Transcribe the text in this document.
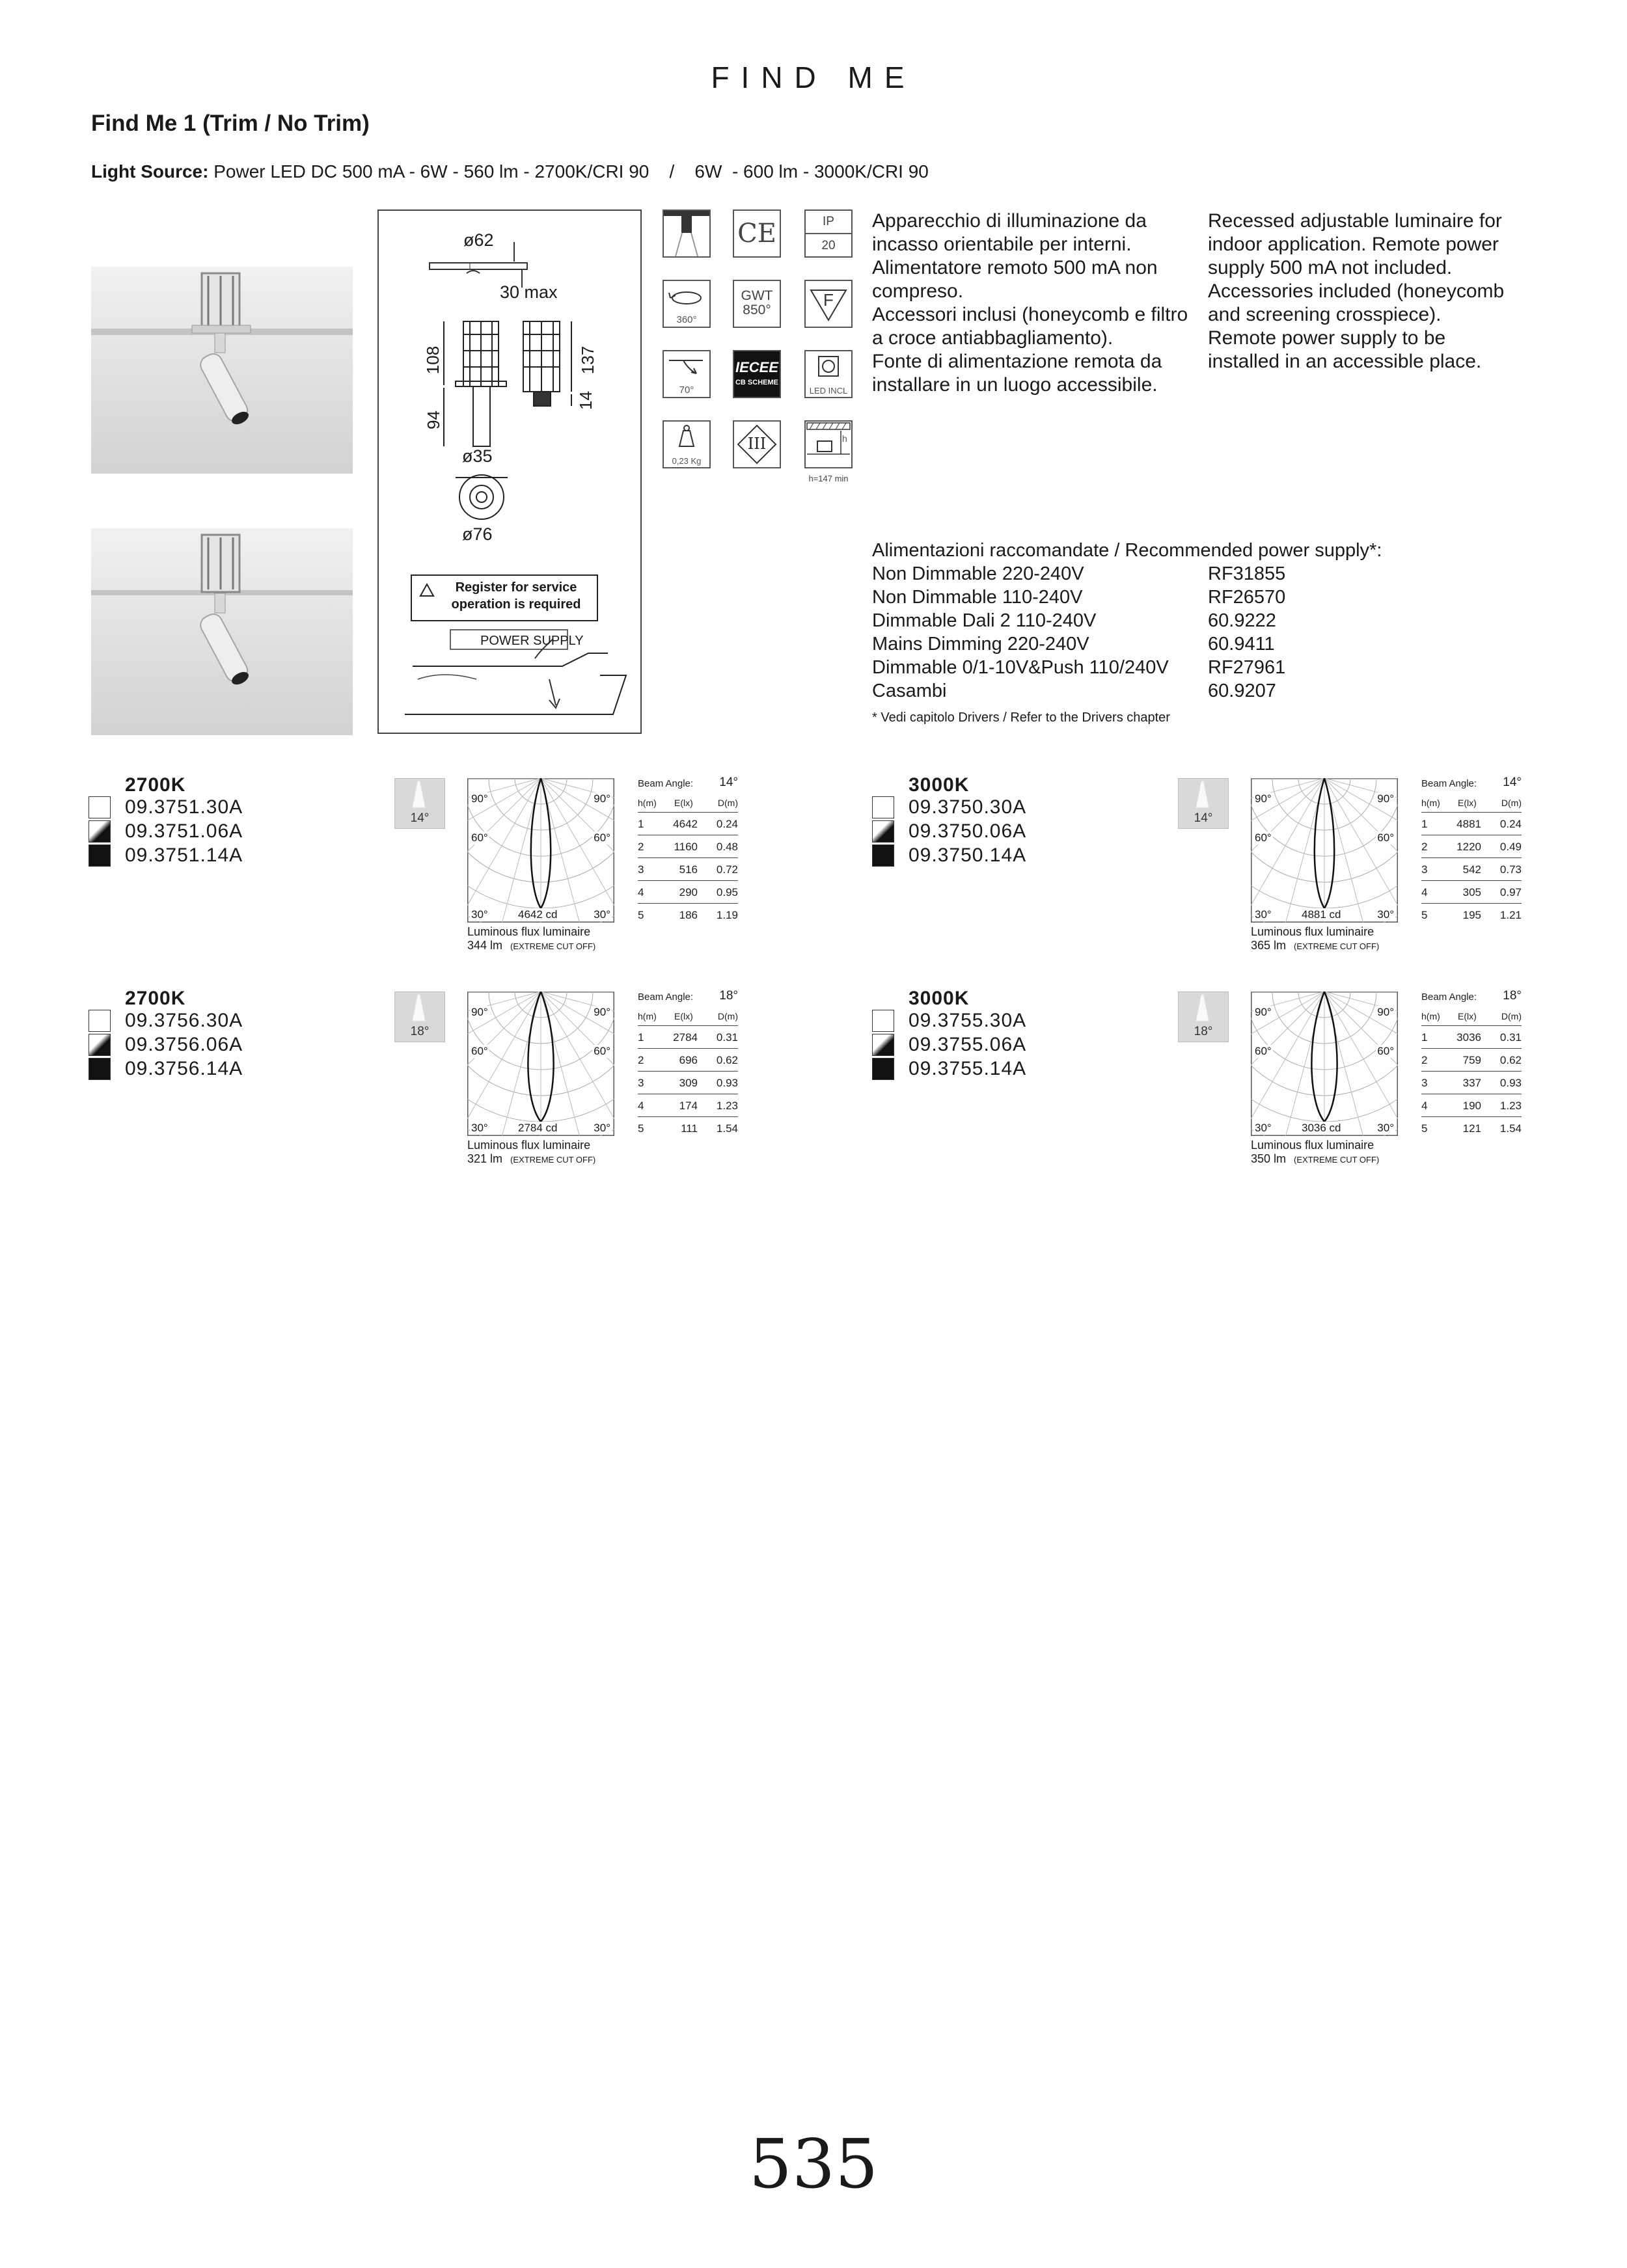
FIND ME
Find Me 1 (Trim / No Trim)
Light Source: Power LED DC 500 mA - 6W - 560 lm - 2700K/CRI 90    /    6W  - 600 lm - 3000K/CRI 90
ø62
30 max
108
94
137
14
ø35
ø76
Register for service
operation is required
POWER SUPPLY
CE	IP
20
360°
GWT
850°
F
70°
IECEE
CB SCHEME
LED INCL
0,23 Kg
III	h
h=147 min
Apparecchio di illuminazione da
incasso orientabile per interni.
Alimentatore remoto 500 mA non
compreso.
Accessori inclusi (honeycomb e filtro
a croce antiabbagliamento).
Fonte di alimentazione remota da
installare in un luogo accessibile.
Recessed adjustable luminaire for
indoor application. Remote power
supply 500 mA not included.
Accessories included (honeycomb
and screening crosspiece).
Remote power supply to be
installed in an accessible place.
Alimentazioni raccomandate / Recommended power supply*:
Non Dimmable 220-240V	RF31855
Non Dimmable 110-240V	RF26570
Dimmable Dali 2 110-240V	60.9222
Mains Dimming 220-240V	60.9411
Dimmable 0/1-10V&Push 110/240V RF27961
Casambi	60.9207
* Vedi capitolo Drivers / Refer to the Drivers chapter
2700K
09.3751.30A
09.3751.06A
09.3751.14A
14°
90°	90°
60°	60°
30°	30°
4642 cd
Luminous flux luminaire
344 lm (EXTREME CUT OFF)
Beam Angle: 14°
h(m) E(lx)	D(m)
1	4642 0.24
2	1160 0.48
3	516 0.72
4	290 0.95
5	186 1.19
3000K
09.3750.30A
09.3750.06A
09.3750.14A
14°
90°	90°
60°	60°
30°	30°
4881 cd
Luminous flux luminaire
365 lm (EXTREME CUT OFF)
Beam Angle: 14°
h(m) E(lx)	D(m)
1	4881 0.24
2	1220 0.49
3	542 0.73
4	305 0.97
5	195 1.21
2700K
09.3756.30A
09.3756.06A
09.3756.14A
18°
90°	90°
60°	60°
30°	30°
2784 cd
Luminous flux luminaire
321 lm (EXTREME CUT OFF)
Beam Angle: 18°
h(m) E(lx)	D(m)
1	2784 0.31
2	696 0.62
3	309 0.93
4	174 1.23
5	111 1.54
3000K
09.3755.30A
09.3755.06A
09.3755.14A
18°
90°	90°
60°	60°
30°	30°
3036 cd
Luminous flux luminaire
350 lm (EXTREME CUT OFF)
Beam Angle: 18°
h(m) E(lx)	D(m)
1	3036 0.31
2	759 0.62
3	337 0.93
4	190 1.23
5	121 1.54
535
